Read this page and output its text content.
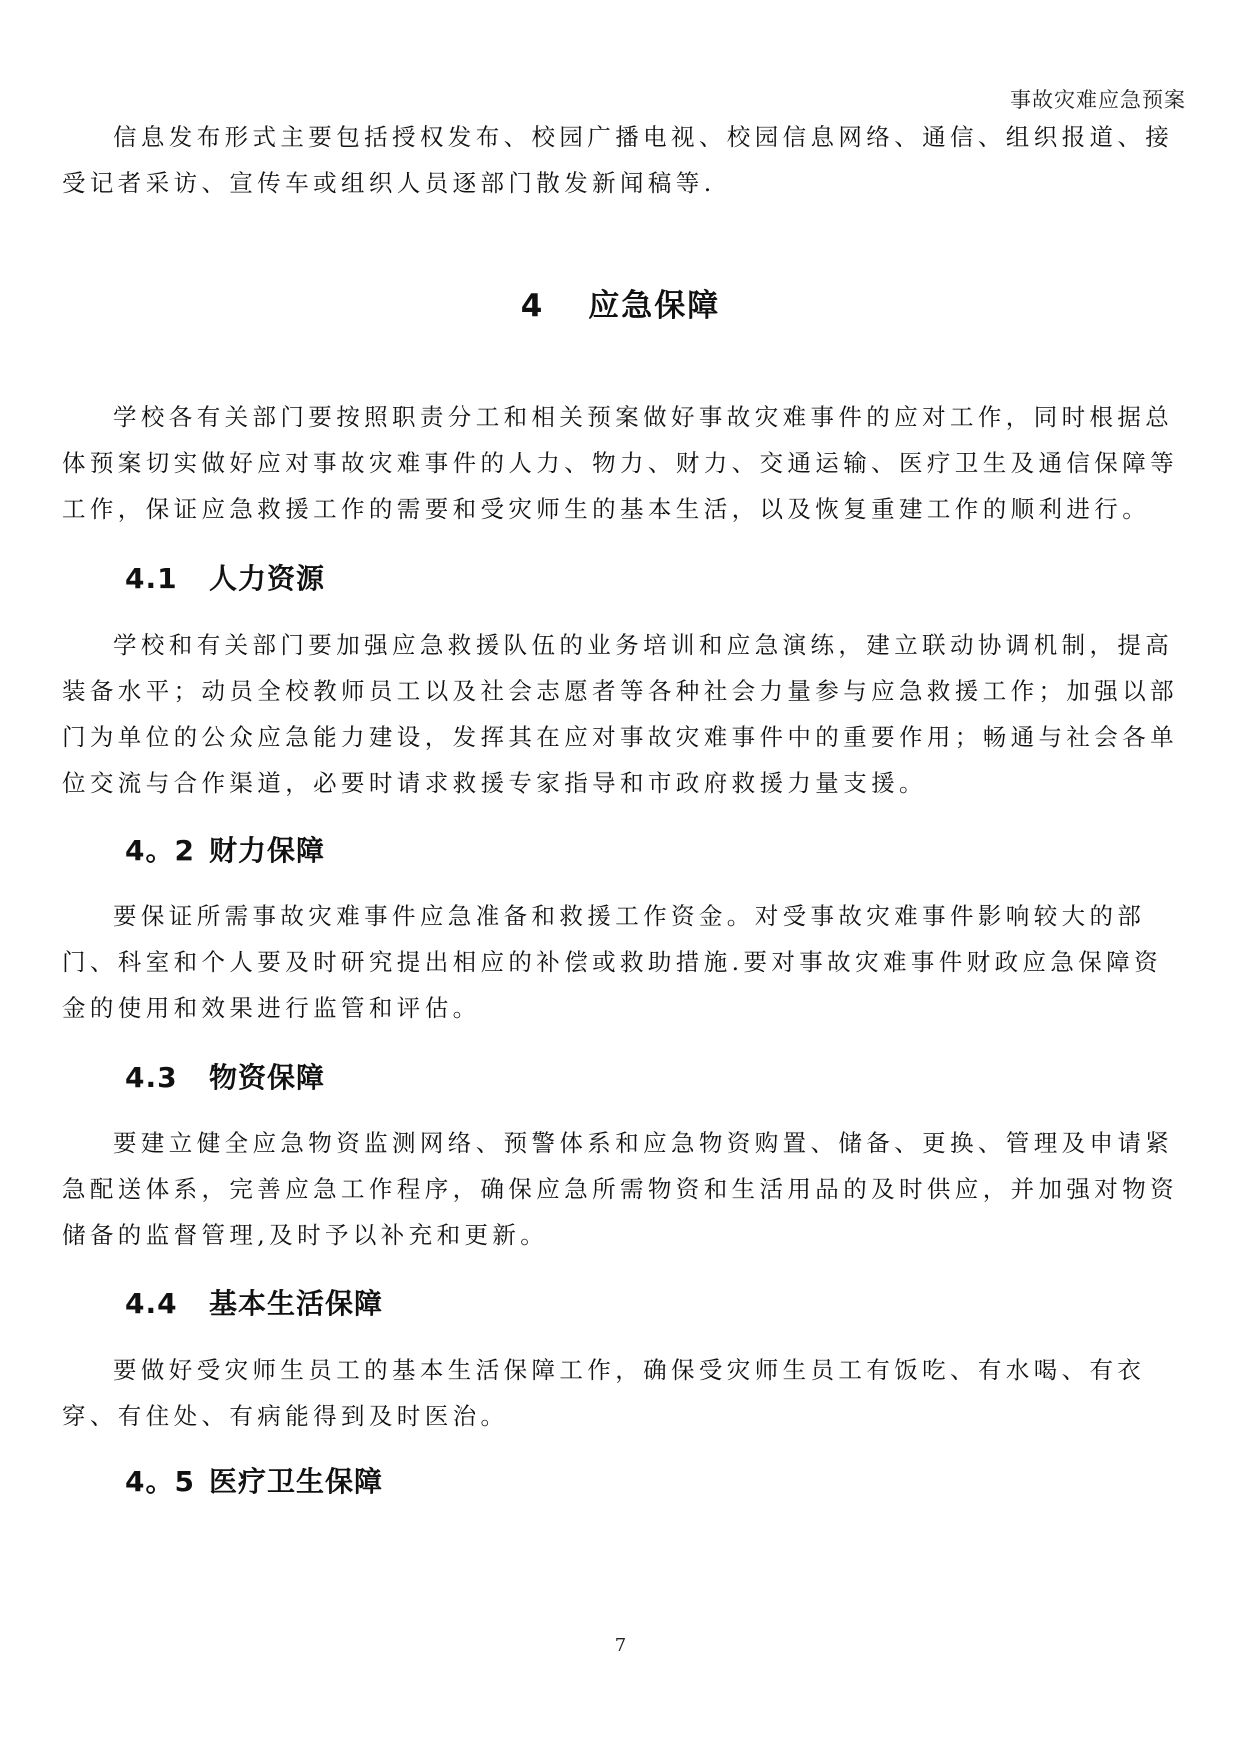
事故灾难应急预案

信息发布形式主要包括授权发布、校园广播电视、校园信息网络、通信、组织报道、接受记者采访、宣传车或组织人员逐部门散发新闻稿等.

4 应急保障

学校各有关部门要按照职责分工和相关预案做好事故灾难事件的应对工作，同时根据总体预案切实做好应对事故灾难事件的人力、物力、财力、交通运输、医疗卫生及通信保障等工作，保证应急救援工作的需要和受灾师生的基本生活，以及恢复重建工作的顺利进行。

4.1 人力资源

学校和有关部门要加强应急救援队伍的业务培训和应急演练，建立联动协调机制，提高装备水平；动员全校教师员工以及社会志愿者等各种社会力量参与应急救援工作；加强以部门为单位的公众应急能力建设，发挥其在应对事故灾难事件中的重要作用；畅通与社会各单位交流与合作渠道，必要时请求救援专家指导和市政府救援力量支援。

4。2 财力保障

要保证所需事故灾难事件应急准备和救援工作资金。对受事故灾难事件影响较大的部门、科室和个人要及时研究提出相应的补偿或救助措施.要对事故灾难事件财政应急保障资金的使用和效果进行监管和评估。

4.3 物资保障

要建立健全应急物资监测网络、预警体系和应急物资购置、储备、更换、管理及申请紧急配送体系，完善应急工作程序，确保应急所需物资和生活用品的及时供应，并加强对物资储备的监督管理,及时予以补充和更新。

4.4 基本生活保障

要做好受灾师生员工的基本生活保障工作，确保受灾师生员工有饭吃、有水喝、有衣穿、有住处、有病能得到及时医治。

4。5 医疗卫生保障
7
